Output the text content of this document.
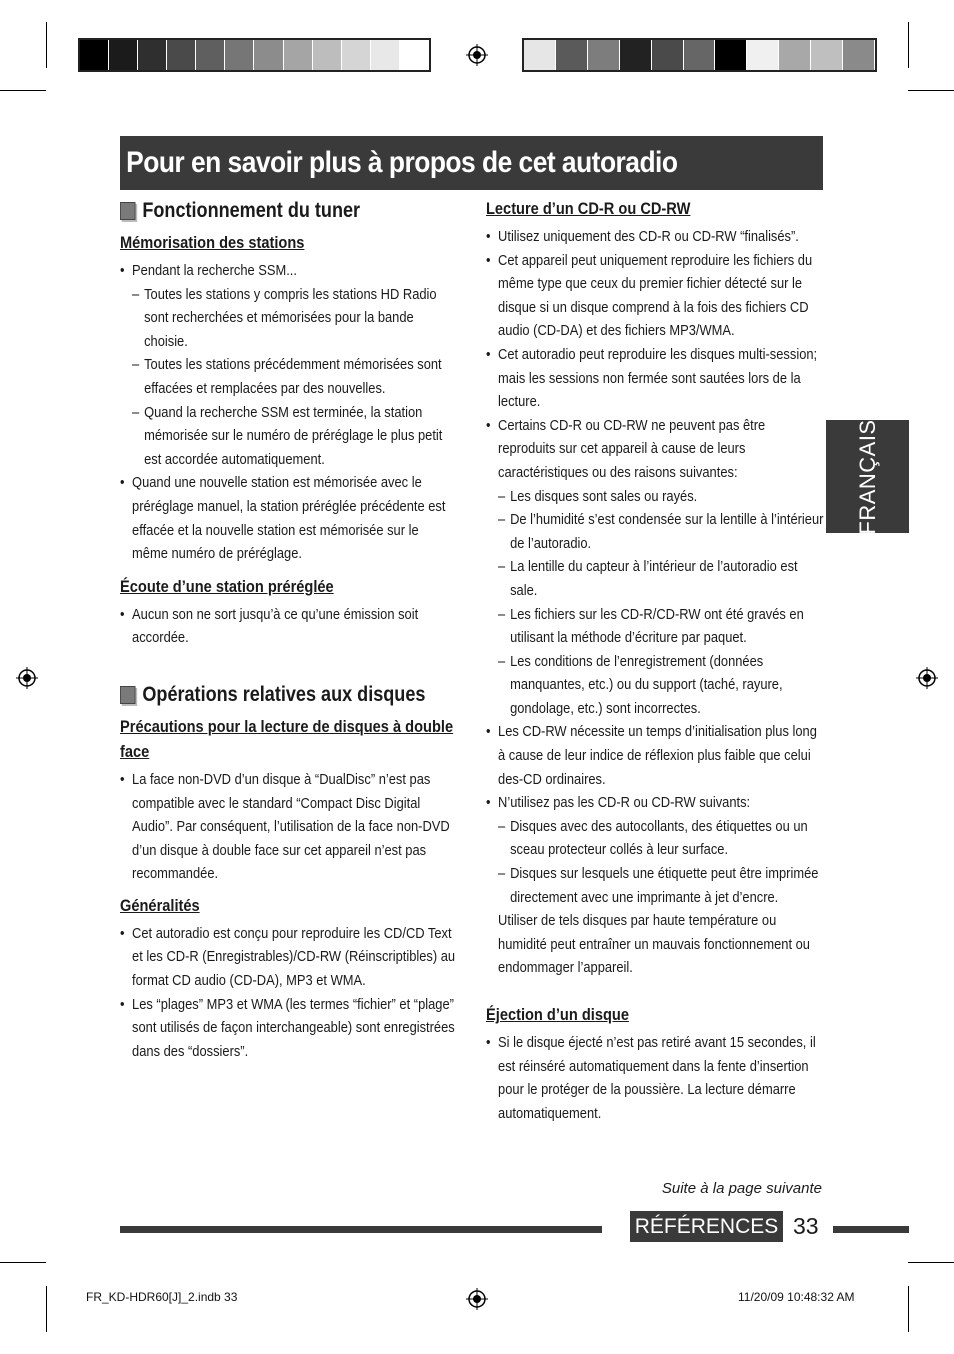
Pour en savoir plus à propos de cet autoradio
FRANÇAIS
Fonctionnement du tuner
Mémorisation des stations
• Pendant la recherche SSM...
– Toutes les stations y compris les stations HD Radio sont recherchées et mémorisées pour la bande choisie.
– Toutes les stations précédemment mémorisées sont effacées et remplacées par des nouvelles.
– Quand la recherche SSM est terminée, la station mémorisée sur le numéro de préréglage le plus petit est accordée automatiquement.
• Quand une nouvelle station est mémorisée avec le préréglage manuel, la station préréglée précédente est effacée et la nouvelle station est mémorisée sur le même numéro de préréglage.
Écoute d’une station préréglée
• Aucun son ne sort jusqu’à ce qu’une émission soit accordée.
Opérations relatives aux disques
Précautions pour la lecture de disques à double face
• La face non-DVD d’un disque à “DualDisc” n’est pas compatible avec le standard “Compact Disc Digital Audio”. Par conséquent, l’utilisation de la face non-DVD d’un disque à double face sur cet appareil n’est pas recommandée.
Généralités
• Cet autoradio est conçu pour reproduire les CD/CD Text et les CD-R (Enregistrables)/CD-RW (Réinscriptibles) au format CD audio (CD-DA), MP3 et WMA.
• Les “plages” MP3 et WMA (les termes “fichier” et “plage” sont utilisés de façon interchangeable) sont enregistrées dans des “dossiers”.
Lecture d’un CD-R ou CD-RW
• Utilisez uniquement des CD-R ou CD-RW “finalisés”.
• Cet appareil peut uniquement reproduire les fichiers du même type que ceux du premier fichier détecté sur le disque si un disque comprend à la fois des fichiers CD audio (CD-DA) et des fichiers MP3/WMA.
• Cet autoradio peut reproduire les disques multi-session; mais les sessions non fermée sont sautées lors de la lecture.
• Certains CD-R ou CD-RW ne peuvent pas être reproduits sur cet appareil à cause de leurs caractéristiques ou des raisons suivantes:
– Les disques sont sales ou rayés.
– De l’humidité s’est condensée sur la lentille à l’intérieur de l’autoradio.
– La lentille du capteur à l’intérieur de l’autoradio est sale.
– Les fichiers sur les CD-R/CD-RW ont été gravés en utilisant la méthode d’écriture par paquet.
– Les conditions de l’enregistrement (données manquantes, etc.) ou du support (taché, rayure, gondolage, etc.) sont incorrectes.
• Les CD-RW nécessite un temps d’initialisation plus long à cause de leur indice de réflexion plus faible que celui des-CD ordinaires.
• N’utilisez pas les CD-R ou CD-RW suivants:
– Disques avec des autocollants, des étiquettes ou un sceau protecteur collés à leur surface.
– Disques sur lesquels une étiquette peut être imprimée directement avec une imprimante à jet d’encre.
Utiliser de tels disques par haute température ou humidité peut entraîner un mauvais fonctionnement ou endommager l’appareil.
Éjection d’un disque
• Si le disque éjecté n’est pas retiré avant 15 secondes, il est réinséré automatiquement dans la fente d’insertion pour le protéger de la poussière. La lecture démarre automatiquement.
Suite à la page suivante
RÉFÉRENCES 33
FR_KD-HDR60[J]_2.indb 33	11/20/09 10:48:32 AM
